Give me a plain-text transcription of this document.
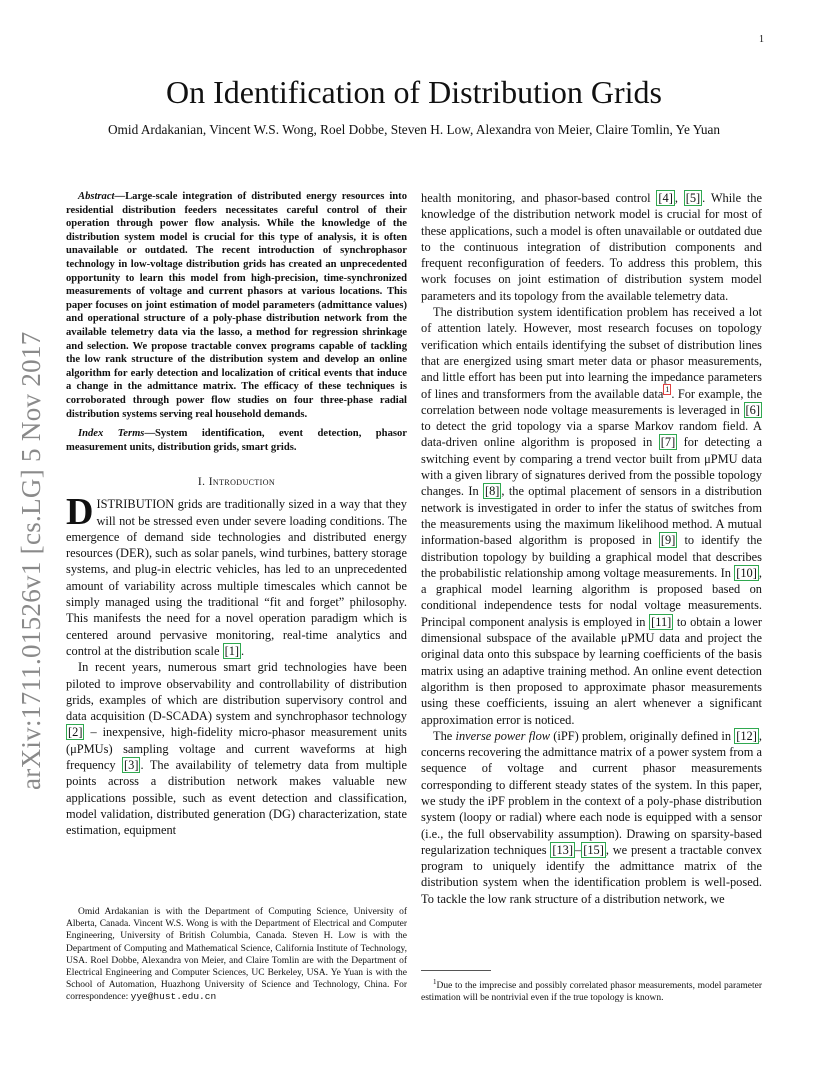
1
arXiv:1711.01526v1 [cs.LG] 5 Nov 2017
On Identification of Distribution Grids
Omid Ardakanian, Vincent W.S. Wong, Roel Dobbe, Steven H. Low, Alexandra von Meier, Claire Tomlin, Ye Yuan

Abstract—Large-scale integration of distributed energy resources into residential distribution feeders necessitates careful control of their operation through power flow analysis. While the knowledge of the distribution system model is crucial for this type of analysis, it is often unavailable or outdated. The recent introduction of synchrophasor technology in low-voltage distribution grids has created an unprecedented opportunity to learn this model from high-precision, time-synchronized measurements of voltage and current phasors at various locations. This paper focuses on joint estimation of model parameters (admittance values) and operational structure of a poly-phase distribution network from the available telemetry data via the lasso, a method for regression shrinkage and selection. We propose tractable convex programs capable of tackling the low rank structure of the distribution system and develop an online algorithm for early detection and localization of critical events that induce a change in the admittance matrix. The efficacy of these techniques is corroborated through power flow studies on four three-phase radial distribution systems serving real household demands.

Index Terms—System identification, event detection, phasor measurement units, distribution grids, smart grids.

I. Introduction

DISTRIBUTION grids are traditionally sized in a way that they will not be stressed even under severe loading conditions. The emergence of demand side technologies and distributed energy resources (DER), such as solar panels, wind turbines, battery storage systems, and plug-in electric vehicles, has led to an unprecedented amount of variability across multiple timescales which cannot be simply managed using the traditional “fit and forget” philosophy. This manifests the need for a novel operation paradigm which is centered around pervasive monitoring, real-time analytics and control at the distribution scale [1] .

In recent years, numerous smart grid technologies have been piloted to improve observability and controllability of distribution grids, examples of which are distribution supervisory control and data acquisition (D-SCADA) system and synchrophasor technology [2] – inexpensive, high-fidelity micro-phasor measurement units (μPMUs) sampling voltage and current waveforms at high frequency [3] . The availability of telemetry data from multiple points across a distribution network makes valuable new applications possible, such as event detection and classification, model validation, distributed generation (DG) characterization, state estimation, equipment

Omid Ardakanian is with the Department of Computing Science, University of Alberta, Canada. Vincent W.S. Wong is with the Department of Electrical and Computer Engineering, University of British Columbia, Canada. Steven H. Low is with the Department of Computing and Mathematical Science, California Institute of Technology, USA. Roel Dobbe, Alexandra von Meier, and Claire Tomlin are with the Department of Electrical Engineering and Computer Sciences, UC Berkeley, USA. Ye Yuan is with the School of Automation, Huazhong University of Science and Technology, China. For correspondence: yye@hust.edu.cn

health monitoring, and phasor-based control [4] , [5] . While the knowledge of the distribution network model is crucial for most of these applications, such a model is often unavailable or outdated due to the continuous integration of distribution components and frequent reconfiguration of feeders. To address this problem, this work focuses on joint estimation of distribution system model parameters and its topology from the available telemetry data.

The distribution system identification problem has received a lot of attention lately. However, most research focuses on topology verification which entails identifying the subset of distribution lines that are energized using smart meter data or phasor measurements, and little effort has been put into learning the impedance parameters of lines and transformers from the available data $^1$ . For example, the correlation between node voltage measurements is leveraged in [6] to detect the grid topology via a sparse Markov random field. A data-driven online algorithm is proposed in [7] for detecting a switching event by comparing a trend vector built from μPMU data with a given library of signatures derived from the possible topology changes. In [8] , the optimal placement of sensors in a distribution network is investigated in order to infer the status of switches from the measurements using the maximum likelihood method. A mutual information-based algorithm is proposed in [9] to identify the distribution topology by building a graphical model that describes the probabilistic relationship among voltage measurements. In [10] , a graphical model learning algorithm is proposed based on conditional independence tests for nodal voltage measurements. Principal component analysis is employed in [11] to obtain a lower dimensional subspace of the available μPMU data and project the original data onto this subspace by learning coefficients of the basis matrix using an adaptive training method. An online event detection algorithm is then proposed to approximate phasor measurements using these coefficients, issuing an alert whenever a significant approximation error is noticed.

The inverse power flow (iPF) problem, originally defined in [12] , concerns recovering the admittance matrix of a power system from a sequence of voltage and current phasor measurements corresponding to different steady states of the system. In this paper, we study the iPF problem in the context of a poly-phase distribution system (loopy or radial) where each node is equipped with a sensor (i.e., the full observability assumption). Drawing on sparsity-based regularization techniques [13] – [15] , we present a tractable convex program to uniquely identify the admittance matrix of the distribution system when the identification problem is well-posed. To tackle the low rank structure of a distribution network, we

$^1$Due to the imprecise and possibly correlated phasor measurements, model parameter estimation will be nontrivial even if the true topology is known.
